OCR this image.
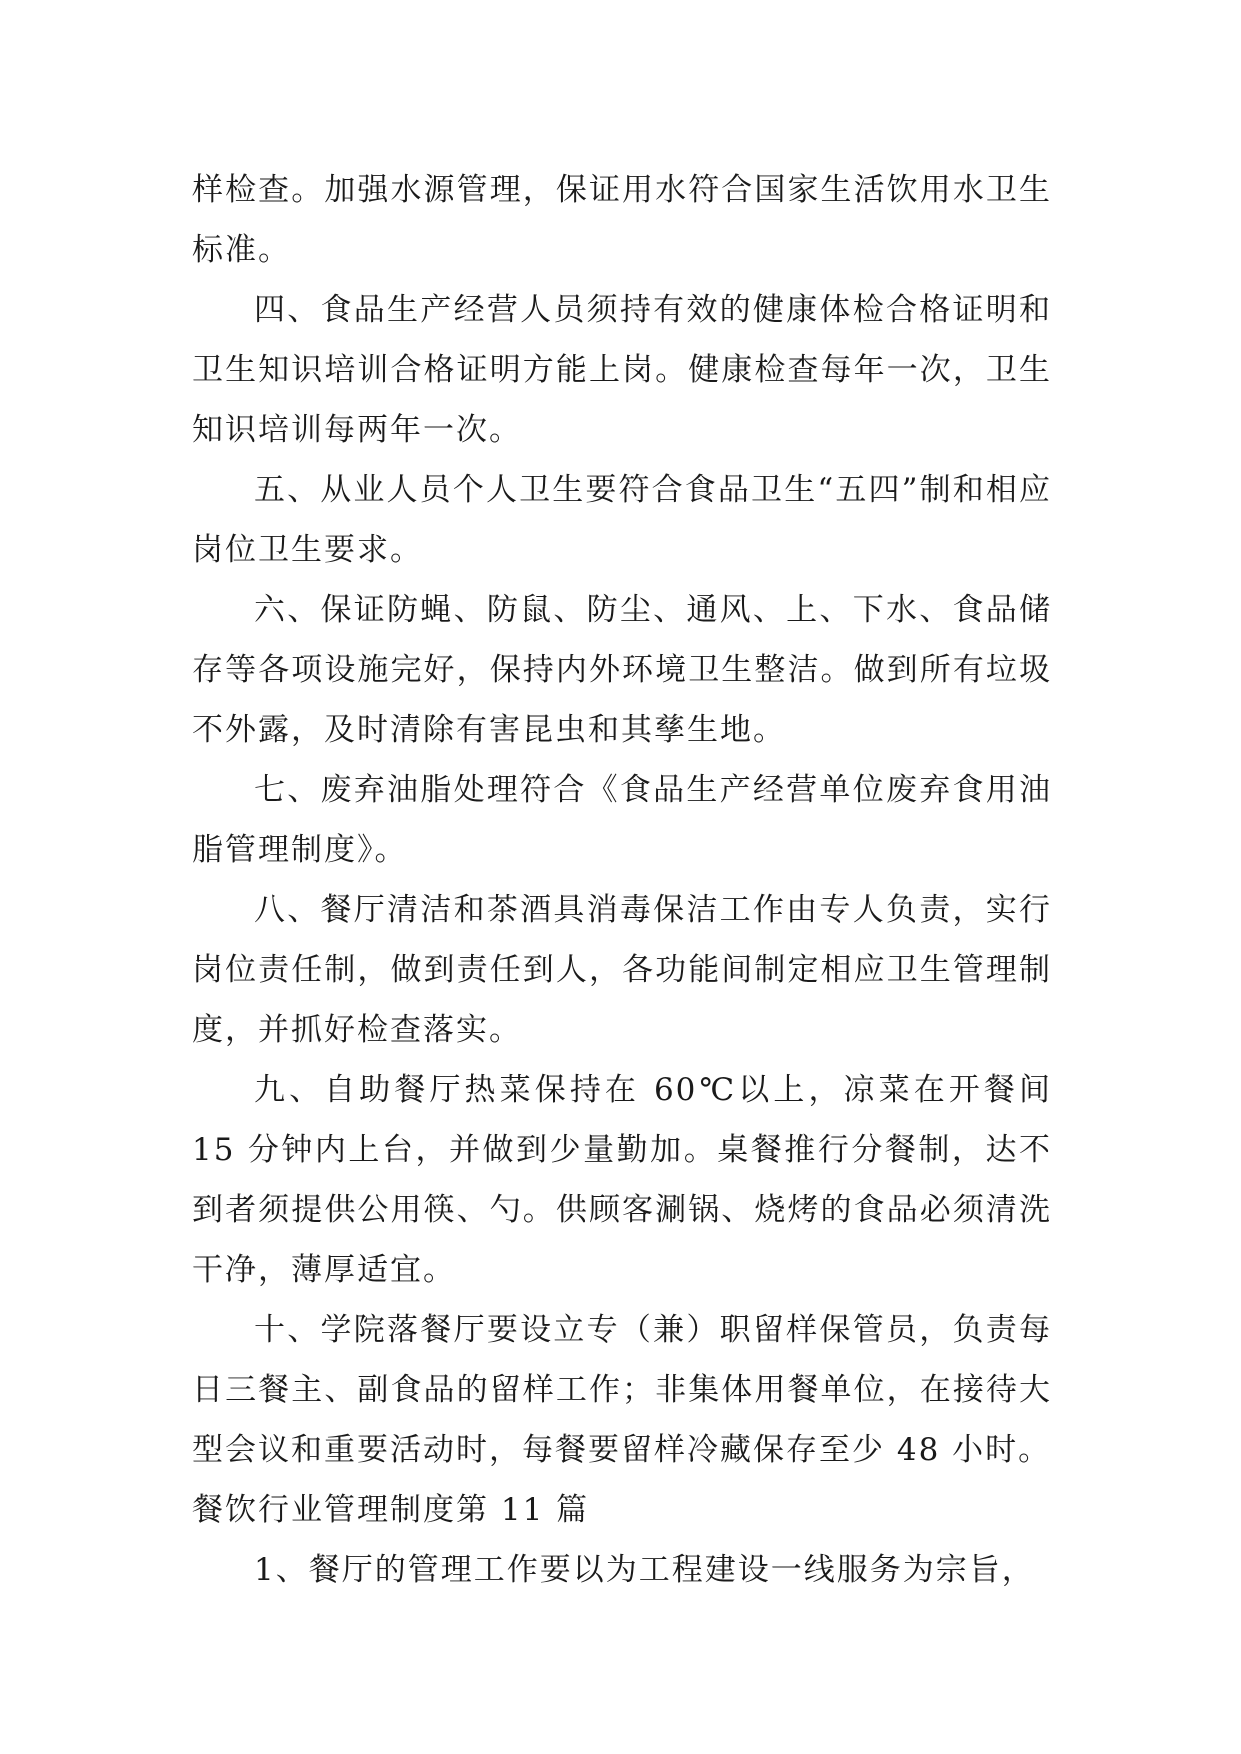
样检查。加强水源管理，保证用水符合国家生活饮用水卫生标准。

四、食品生产经营人员须持有效的健康体检合格证明和卫生知识培训合格证明方能上岗。健康检查每年一次，卫生知识培训每两年一次。

五、从业人员个人卫生要符合食品卫生“五四”制和相应岗位卫生要求。

六、保证防蝇、防鼠、防尘、通风、上、下水、食品储存等各项设施完好，保持内外环境卫生整洁。做到所有垃圾不外露，及时清除有害昆虫和其孳生地。

七、废弃油脂处理符合《食品生产经营单位废弃食用油脂管理制度》。

八、餐厅清洁和茶酒具消毒保洁工作由专人负责，实行岗位责任制，做到责任到人，各功能间制定相应卫生管理制度，并抓好检查落实。

九、自助餐厅热菜保持在 60℃以上，凉菜在开餐间 15 分钟内上台，并做到少量勤加。桌餐推行分餐制，达不到者须提供公用筷、勺。供顾客涮锅、烧烤的食品必须清洗干净，薄厚适宜。

十、学院落餐厅要设立专（兼）职留样保管员，负责每日三餐主、副食品的留样工作；非集体用餐单位，在接待大型会议和重要活动时，每餐要留样冷藏保存至少 48 小时。

餐饮行业管理制度第 11 篇

1、餐厅的管理工作要以为工程建设一线服务为宗旨，
